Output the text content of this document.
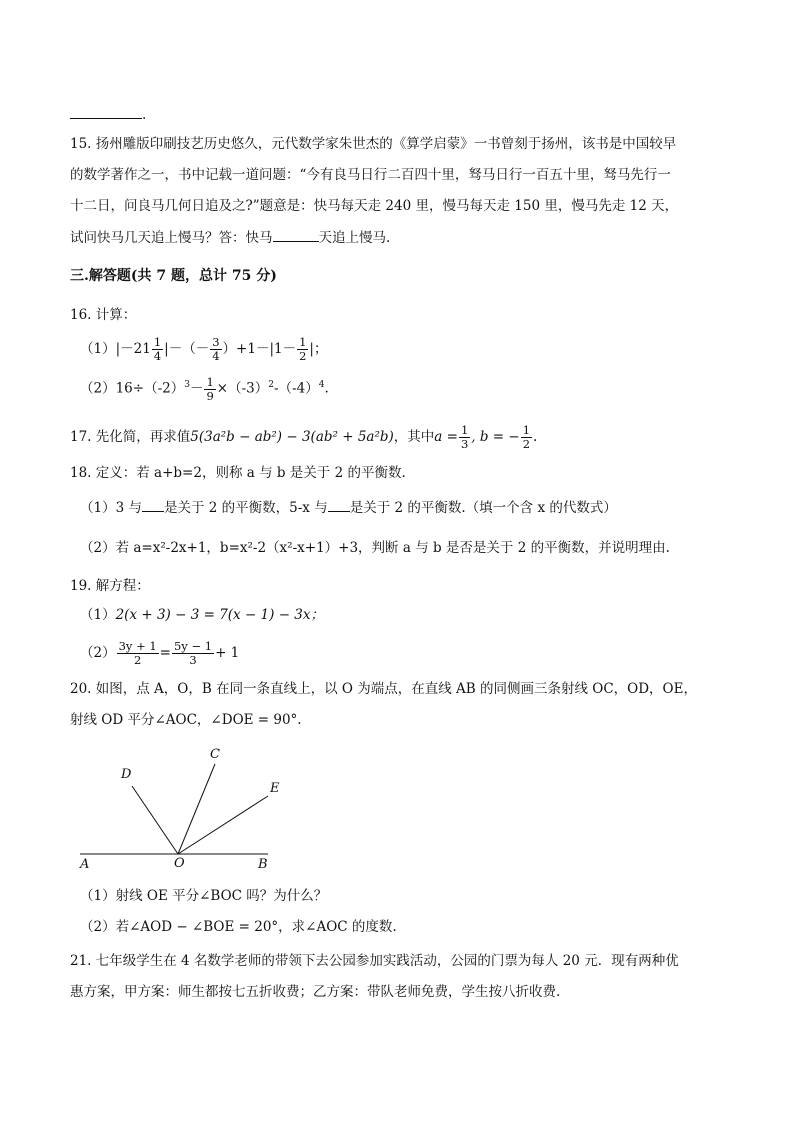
.
15. 扬州雕版印刷技艺历史悠久，元代数学家朱世杰的《算学启蒙》一书曾刻于扬州，该书是中国较早
的数学著作之一，书中记载一道问题：“今有良马日行二百四十里，驽马日行一百五十里，驽马先行一
十二日，问良马几何日追及之?”题意是：快马每天走 240 里，慢马每天走 150 里，慢马先走 12 天，
试问快马几天追上慢马？答：快马	天追上慢马.
三.解答题(共 7 题，总计 75 分)
16. 计算：
$(1)|-21 \frac{1}{4}$ |－（－ $\frac{3}{4} )+1-|1- \frac{1}{2}$ |；
$(2)16\div(-2)^3- \frac{1}{9} \times(-3)^2-(-4)^4$.
17. 先化简，再求值5(3a²b − ab²) − 3(ab² + 5a²b)，其中$a = \frac{1}{3}$ , b = − $\frac{1}{2}$ .
18. 定义：若 a+b=2，则称 a 与 b 是关于 2 的平衡数.
（1）3 与 是关于 2 的平衡数，5-x 与 是关于 2 的平衡数.（填一个含 x 的代数式）
（2）若 a=x²-2x+1，b=x²-2（x²-x+1）+3，判断 a 与 b 是否是关于 2 的平衡数，并说明理由.
19. 解方程：
（1）2(x + 3) − 3 = 7(x − 1) − 3x；
$(2) \frac{3y + 1}{2} = \frac{5y - 1}{3} + 1$
20. 如图，点 A，O，B 在同一条直线上，以 O 为端点，在直线 AB 的同侧画三条射线 OC，OD，OE，
射线 OD 平分∠AOC，∠DOE = 90°.
A	O	B
C
D
E
（1）射线 OE 平分∠BOC 吗？为什么？
（2）若∠AOD − ∠BOE = 20°，求∠AOC 的度数.
21. 七年级学生在 4 名数学老师的带领下去公园参加实践活动，公园的门票为每人 20 元．现有两种优
惠方案，甲方案：师生都按七五折收费；乙方案：带队老师免费，学生按八折收费.
